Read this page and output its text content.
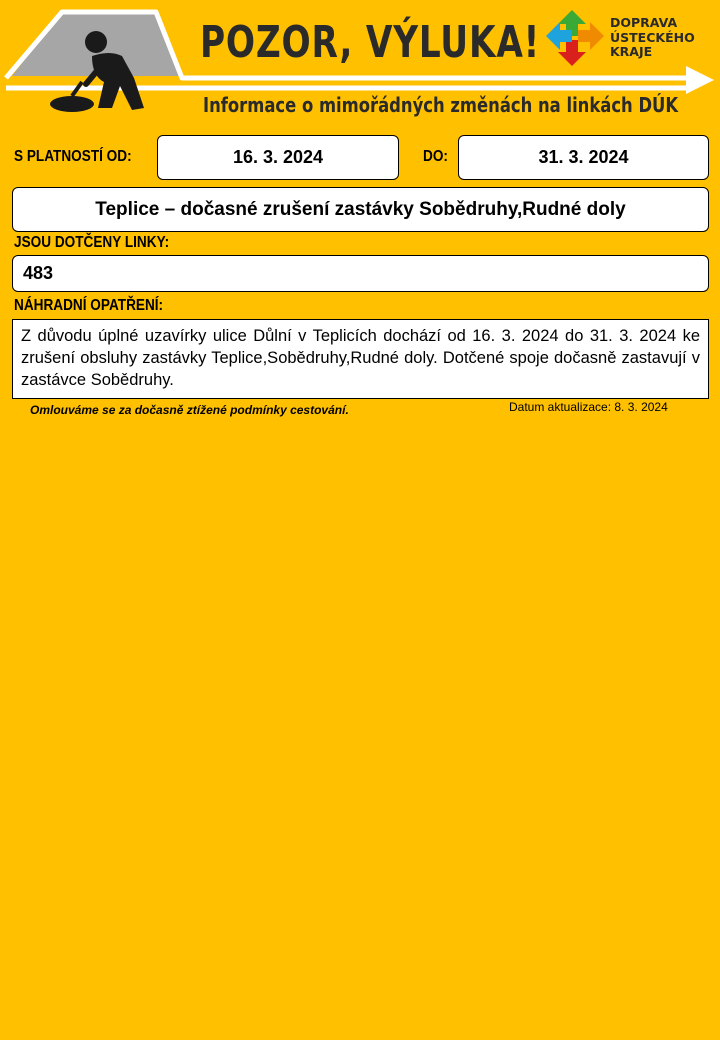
POZOR, VÝLUKA!
Informace o mimořádných změnách na linkách DÚK
DOPRAVA
ÚSTECKÉHO
KRAJE
S PLATNOSTÍ OD:	16. 3. 2024	DO:	31. 3. 2024
Teplice – dočasné zrušení zastávky Sobědruhy,Rudné doly
JSOU DOTČENY LINKY:
483
NÁHRADNÍ OPATŘENÍ:
Z důvodu úplné uzavírky ulice Důlní v Teplicích dochází od 16. 3. 2024 do 31. 3. 2024 ke zrušení obsluhy zastávky Teplice,Sobědruhy,Rudné doly. Dotčené spoje dočasně zastavují v zastávce Sobědruhy.
Omlouváme se za dočasně ztížené podmínky cestování.	Datum aktualizace: 8. 3. 2024
